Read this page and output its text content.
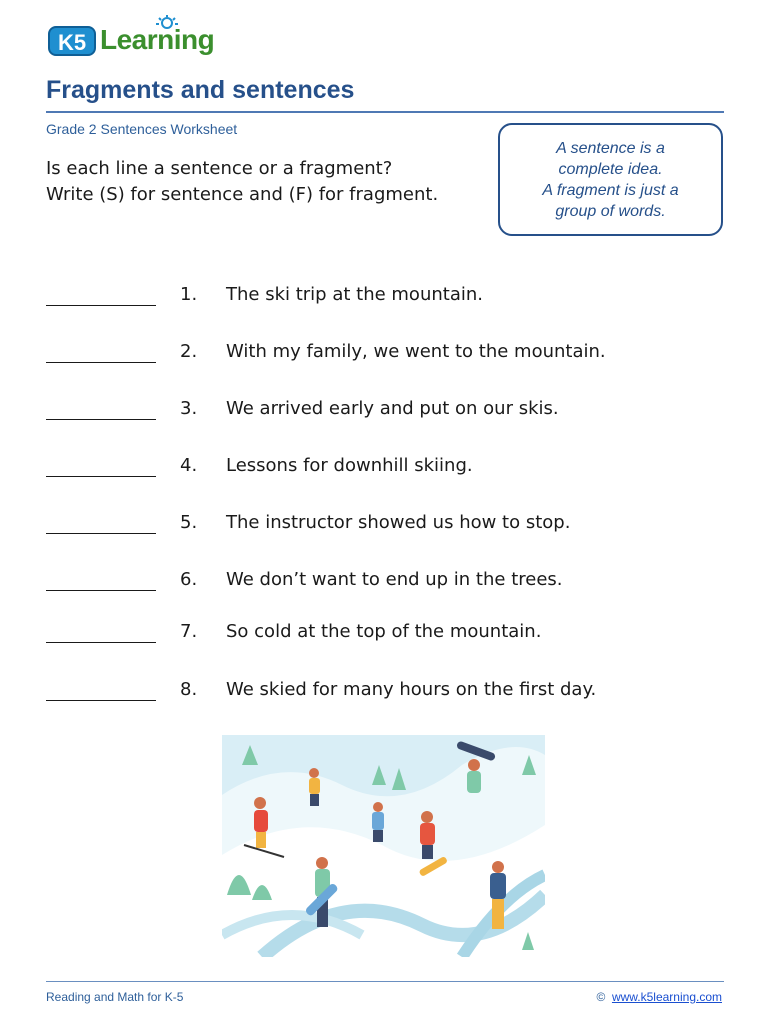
K5 Learning
Fragments and sentences
Grade 2 Sentences Worksheet
Is each line a sentence or a fragment?
Write (S) for sentence and (F) for fragment.
A sentence is a
complete idea.
A fragment is just a
group of words.
1. The ski trip at the mountain.
2. With my family, we went to the mountain.
3. We arrived early and put on our skis.
4. Lessons for downhill skiing.
5. The instructor showed us how to stop.
6. We don’t want to end up in the trees.
7. So cold at the top of the mountain.
8. We skied for many hours on the first day.
Reading and Math for K-5	© www.k5learning.com
